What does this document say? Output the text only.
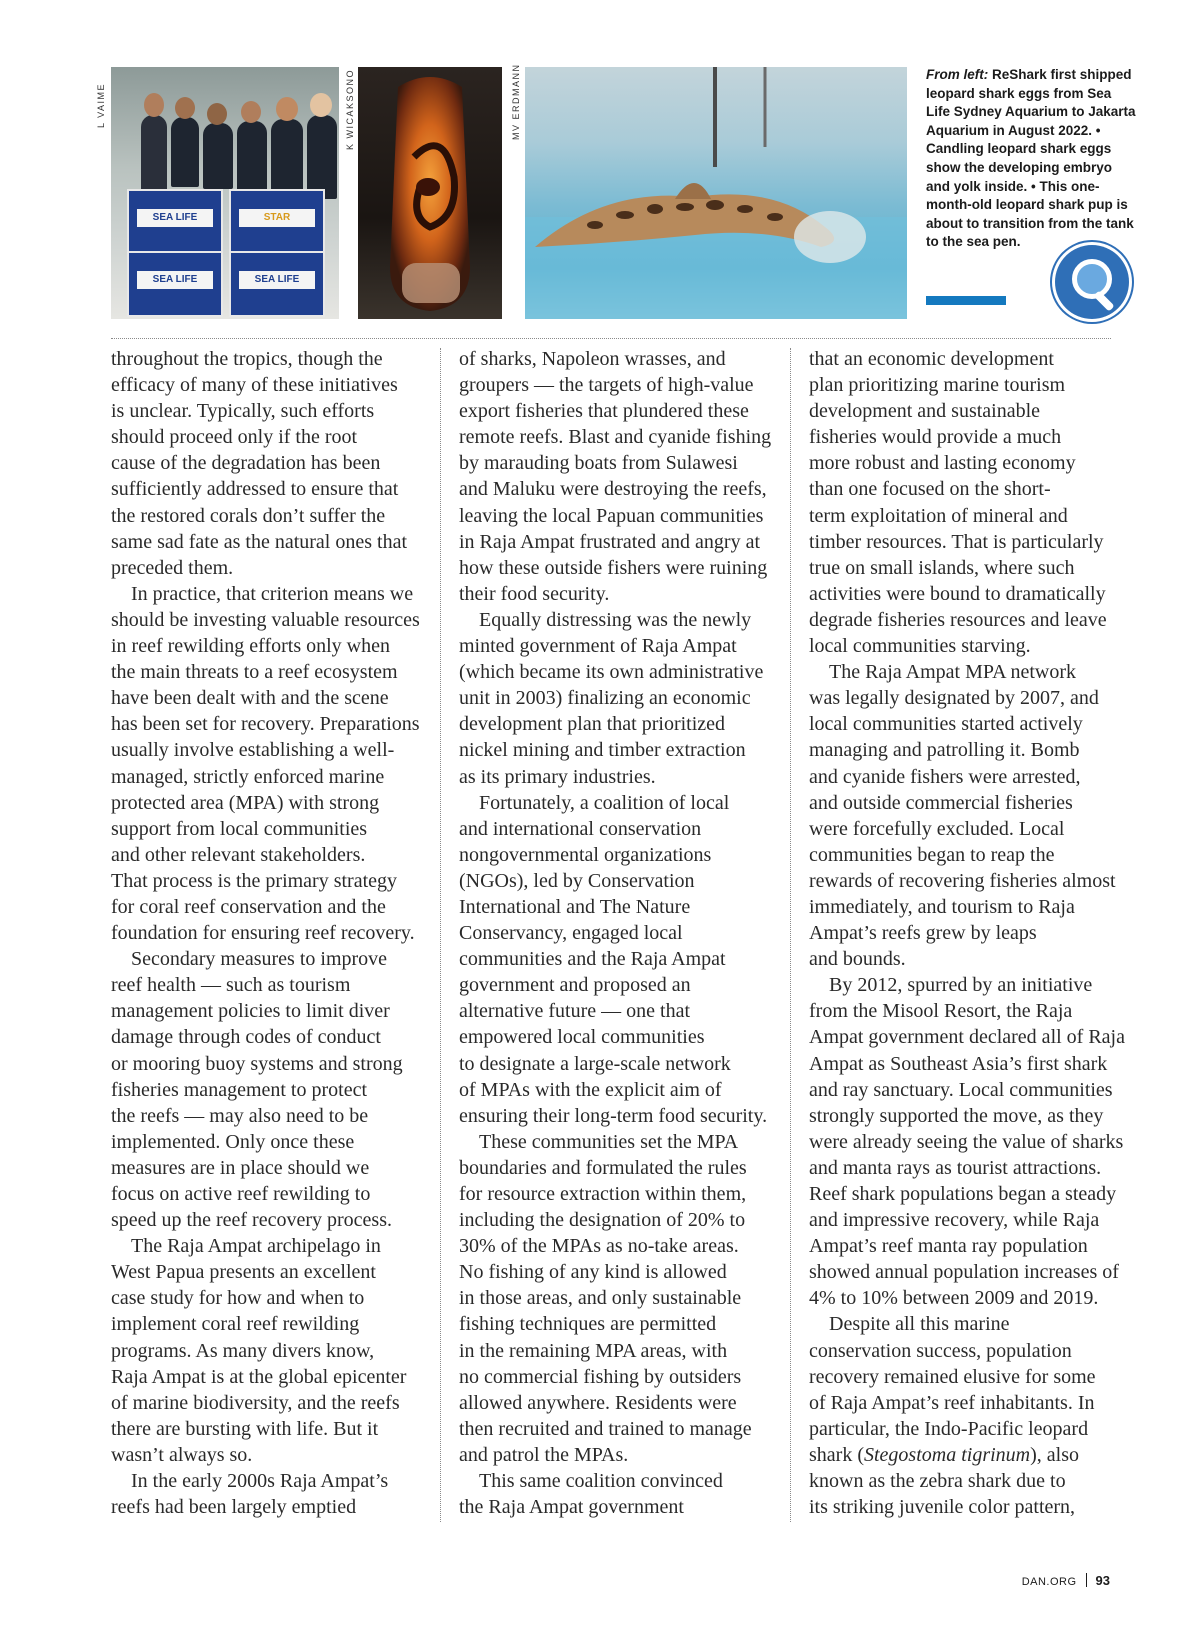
L VAIME
SEA LIFE	STAR
SEA LIFE	SEA LIFE
K WICAKSONO	MV ERDMANN	From left: ReShark first shipped leopard shark eggs from Sea Life Sydney Aquarium to Jakarta Aquarium in August 2022. • Candling leopard shark eggs show the developing embryo and yolk inside. • This one-month-old leopard shark pup is about to transition from the tank to the sea pen.

throughout the tropics, though the
efficacy of many of these initiatives
is unclear. Typically, such efforts
should proceed only if the root
cause of the degradation has been
sufficiently addressed to ensure that
the restored corals don’t suffer the
same sad fate as the natural ones that
preceded them.
In practice, that criterion means we
should be investing valuable resources
in reef rewilding efforts only when
the main threats to a reef ecosystem
have been dealt with and the scene
has been set for recovery. Preparations
usually involve establishing a well-
managed, strictly enforced marine
protected area (MPA) with strong
support from local communities
and other relevant stakeholders.
That process is the primary strategy
for coral reef conservation and the
foundation for ensuring reef recovery.
Secondary measures to improve
reef health — such as tourism
management policies to limit diver
damage through codes of conduct
or mooring buoy systems and strong
fisheries management to protect
the reefs — may also need to be
implemented. Only once these
measures are in place should we
focus on active reef rewilding to
speed up the reef recovery process.
The Raja Ampat archipelago in
West Papua presents an excellent
case study for how and when to
implement coral reef rewilding
programs. As many divers know,
Raja Ampat is at the global epicenter
of marine biodiversity, and the reefs
there are bursting with life. But it
wasn’t always so.
In the early 2000s Raja Ampat’s
reefs had been largely emptied
of sharks, Napoleon wrasses, and
groupers — the targets of high-value
export fisheries that plundered these
remote reefs. Blast and cyanide fishing
by marauding boats from Sulawesi
and Maluku were destroying the reefs,
leaving the local Papuan communities
in Raja Ampat frustrated and angry at
how these outside fishers were ruining
their food security.
Equally distressing was the newly
minted government of Raja Ampat
(which became its own administrative
unit in 2003) finalizing an economic
development plan that prioritized
nickel mining and timber extraction
as its primary industries.
Fortunately, a coalition of local
and international conservation
nongovernmental organizations
(NGOs), led by Conservation
International and The Nature
Conservancy, engaged local
communities and the Raja Ampat
government and proposed an
alternative future — one that
empowered local communities
to designate a large-scale network
of MPAs with the explicit aim of
ensuring their long-term food security.
These communities set the MPA
boundaries and formulated the rules
for resource extraction within them,
including the designation of 20% to
30% of the MPAs as no-take areas.
No fishing of any kind is allowed
in those areas, and only sustainable
fishing techniques are permitted
in the remaining MPA areas, with
no commercial fishing by outsiders
allowed anywhere. Residents were
then recruited and trained to manage
and patrol the MPAs.
This same coalition convinced
the Raja Ampat government
that an economic development
plan prioritizing marine tourism
development and sustainable
fisheries would provide a much
more robust and lasting economy
than one focused on the short-
term exploitation of mineral and
timber resources. That is particularly
true on small islands, where such
activities were bound to dramatically
degrade fisheries resources and leave
local communities starving.
The Raja Ampat MPA network
was legally designated by 2007, and
local communities started actively
managing and patrolling it. Bomb
and cyanide fishers were arrested,
and outside commercial fisheries
were forcefully excluded. Local
communities began to reap the
rewards of recovering fisheries almost
immediately, and tourism to Raja
Ampat’s reefs grew by leaps
and bounds.
By 2012, spurred by an initiative
from the Misool Resort, the Raja
Ampat government declared all of Raja
Ampat as Southeast Asia’s first shark
and ray sanctuary. Local communities
strongly supported the move, as they
were already seeing the value of sharks
and manta rays as tourist attractions.
Reef shark populations began a steady
and impressive recovery, while Raja
Ampat’s reef manta ray population
showed annual population increases of
4% to 10% between 2009 and 2019.
Despite all this marine
conservation success, population
recovery remained elusive for some
of Raja Ampat’s reef inhabitants. In
particular, the Indo-Pacific leopard
shark (Stegostoma tigrinum), also
known as the zebra shark due to
its striking juvenile color pattern,
DAN.ORG 93
